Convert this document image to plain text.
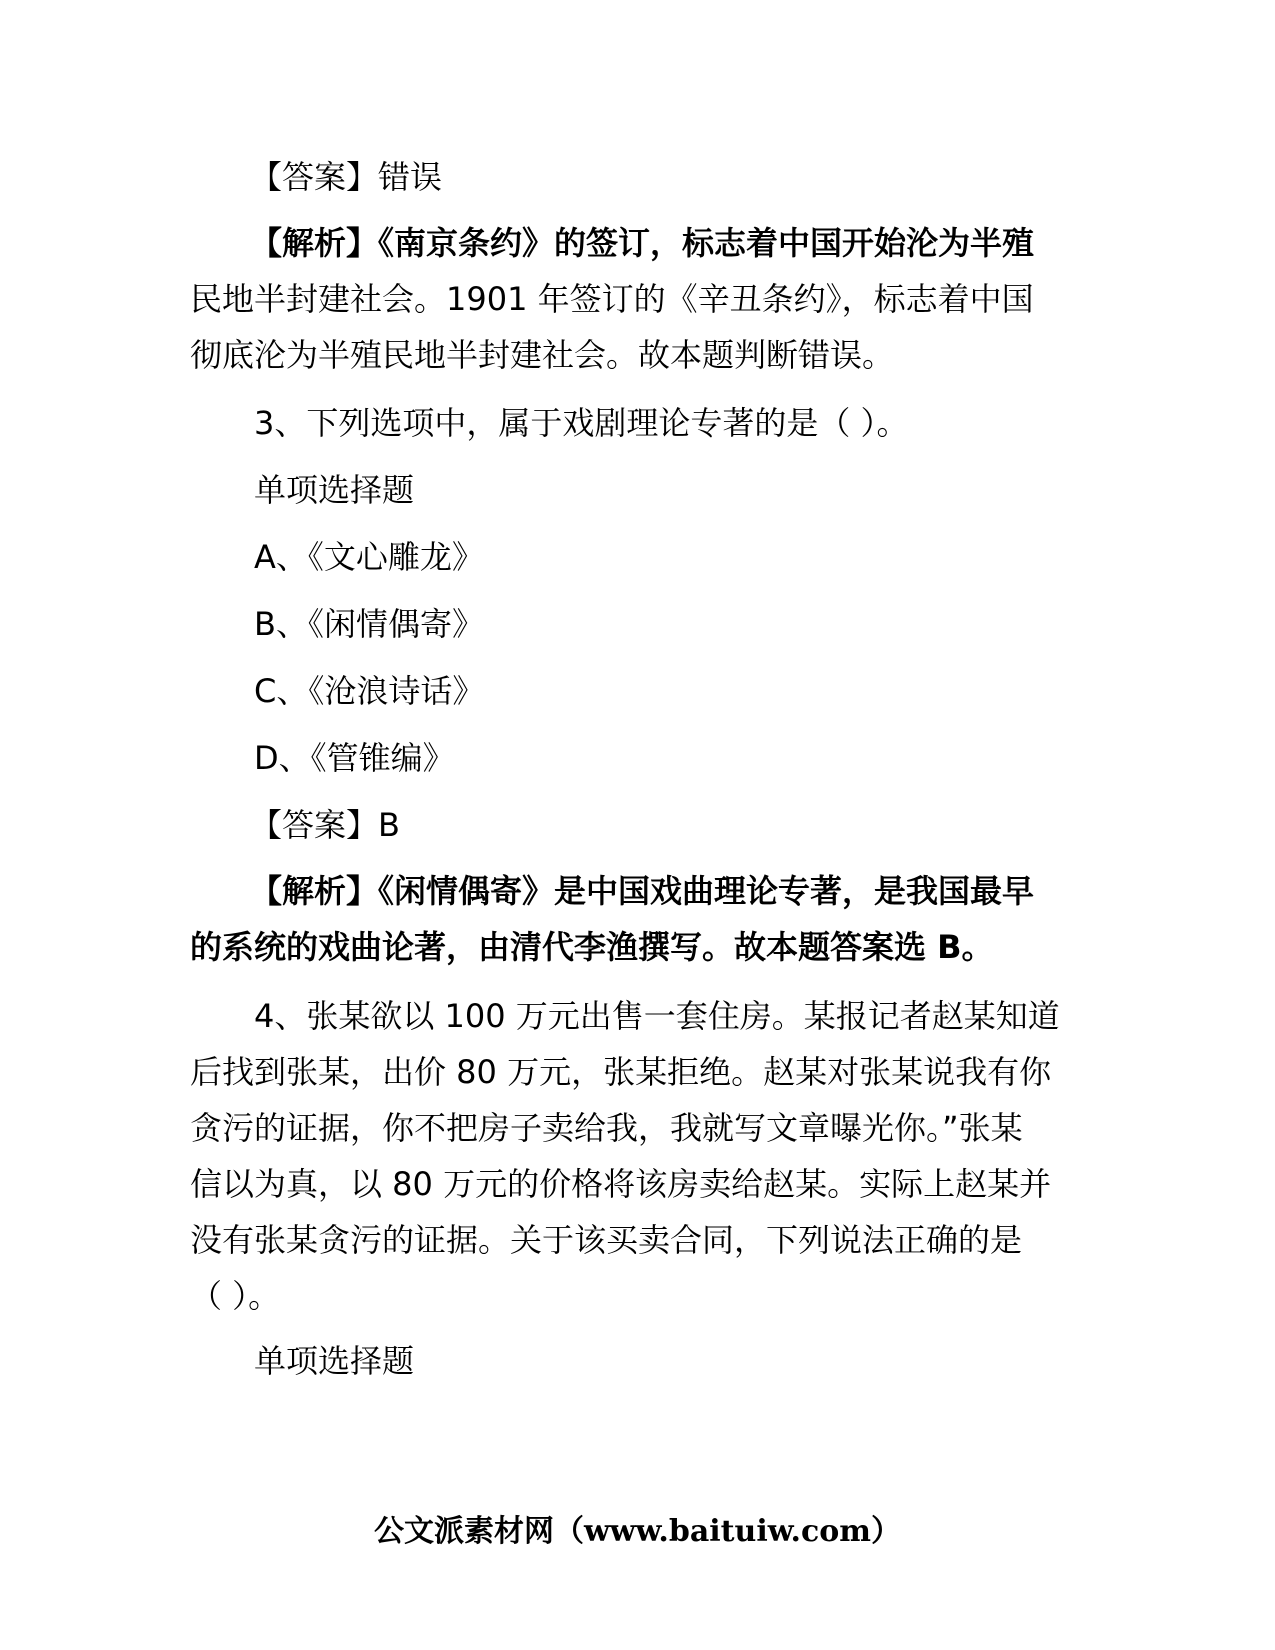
【答案】错误

【解析】《南京条约》的签订，标志着中国开始沦为半殖

民地半封建社会。1901 年签订的《辛丑条约》，标志着中国

彻底沦为半殖民地半封建社会。故本题判断错误。

3、下列选项中，属于戏剧理论专著的是（ ）。

单项选择题

A、《文心雕龙》

B、《闲情偶寄》

C、《沧浪诗话》

D、《管锥编》

【答案】B

【解析】《闲情偶寄》是中国戏曲理论专著，是我国最早

的系统的戏曲论著，由清代李渔撰写。故本题答案选 B。

4、张某欲以 100 万元出售一套住房。某报记者赵某知道

后找到张某，出价 80 万元，张某拒绝。赵某对张某说我有你

贪污的证据，你不把房子卖给我，我就写文章曝光你。”张某

信以为真，以 80 万元的价格将该房卖给赵某。实际上赵某并

没有张某贪污的证据。关于该买卖合同，下列说法正确的是

（ ）。

单项选择题

公文派素材网（www.baituiw.com）
